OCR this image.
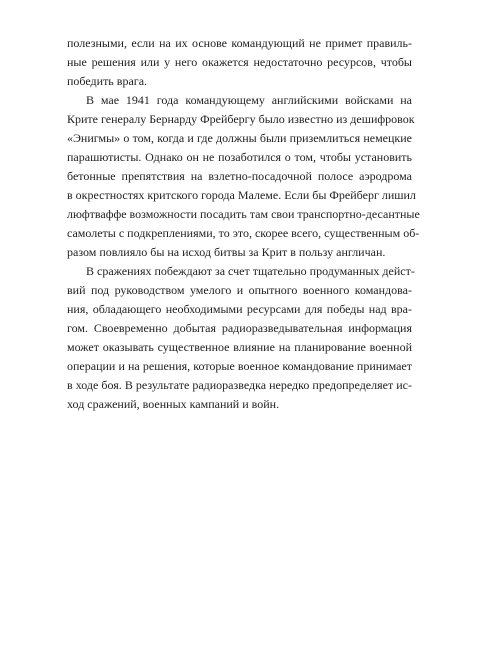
полезными, если на их основе командующий не примет правиль-
ные решения или у него окажется недостаточно ресурсов, чтобы
победить врага.
В мае 1941 года командующему английскими войсками на
Крите генералу Бернарду Фрейбергу было известно из дешифровок
«Энигмы» о том, когда и где должны были приземлиться немецкие
парашютисты. Однако он не позаботился о том, чтобы установить
бетонные препятствия на взлетно-посадочной полосе аэродрома
в окрестностях критского города Малеме. Если бы Фрейберг лишил
люфтваффе возможности посадить там свои транспортно-десантные
самолеты с подкреплениями, то это, скорее всего, существенным об-
разом повлияло бы на исход битвы за Крит в пользу англичан.
В сражениях побеждают за счет тщательно продуманных дейст-
вий под руководством умелого и опытного военного командова-
ния, обладающего необходимыми ресурсами для победы над вра-
гом. Своевременно добытая радиоразведывательная информация
может оказывать существенное влияние на планирование военной
операции и на решения, которые военное командование принимает
в ходе боя. В результате радиоразведка нередко предопределяет ис-
ход сражений, военных кампаний и войн.
